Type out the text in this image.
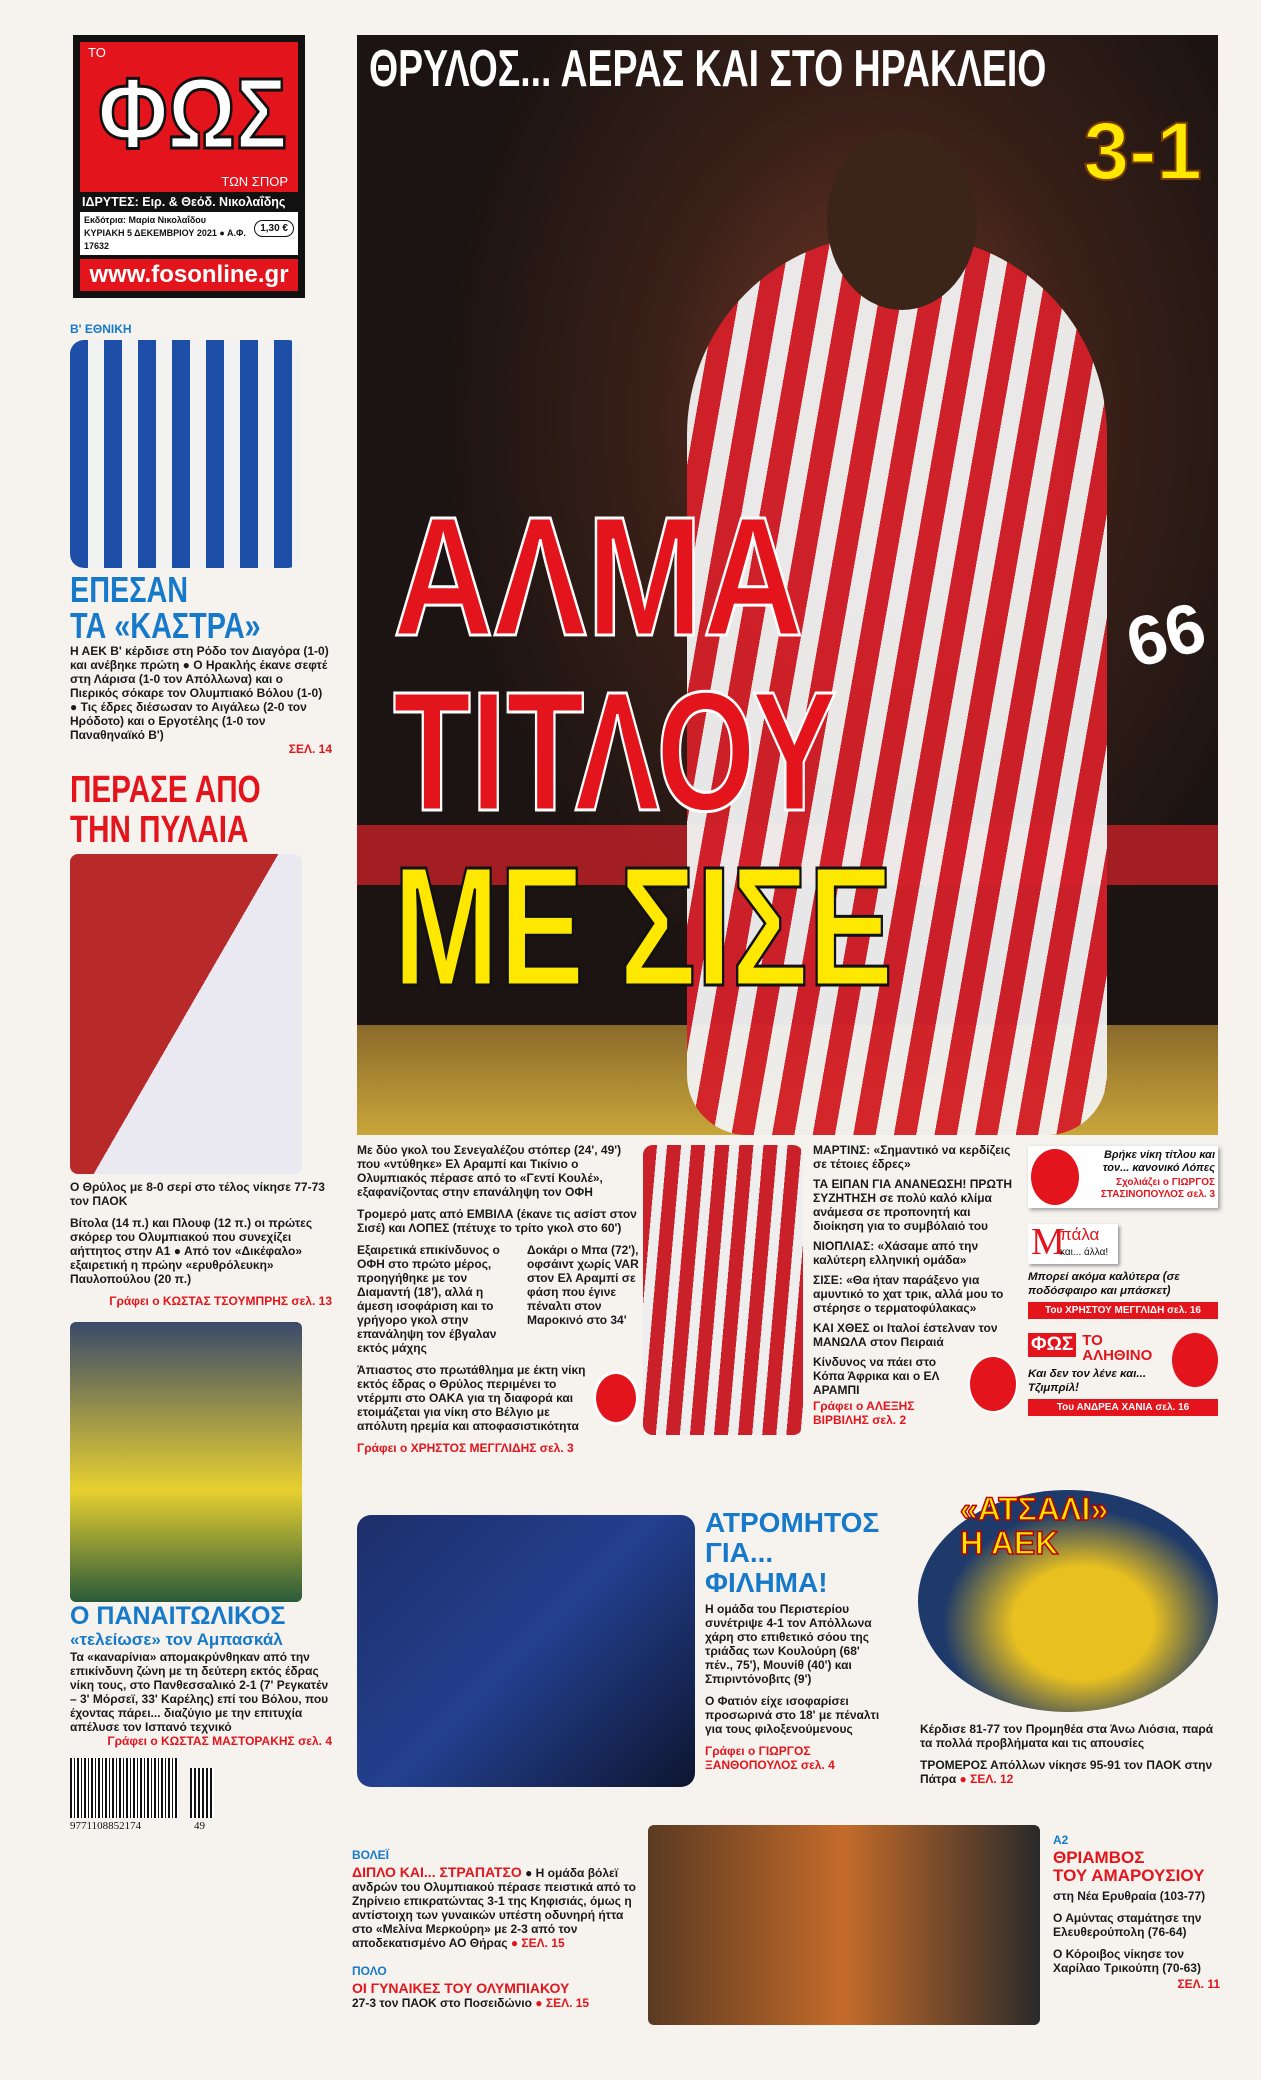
ΤΟ
ΦΩΣ
ΤΩΝ ΣΠΟΡ
ΙΔΡΥΤΕΣ: Ειρ. & Θεόδ. Νικολαΐδης
Εκδότρια: Μαρία Νικολαΐδου
ΚΥΡΙΑΚΗ 5 ΔΕΚΕΜΒΡΙΟΥ 2021 ● Α.Φ. 17632
1,30 €
www.fosonline.gr
66
ΘΡΥΛΟΣ... ΑΕΡΑΣ ΚΑΙ ΣΤΟ ΗΡΑΚΛΕΙΟ
3-1
ΑΛΜΑ
ΤΙΤΛΟΥ
ΜΕ ΣΙΣΕ
Β' ΕΘΝΙΚΗ
ΕΠΕΣΑΝ
ΤΑ «ΚΑΣΤΡΑ»
Η ΑΕΚ Β' κέρδισε στη Ρόδο τον Διαγόρα (1-0) και ανέβηκε πρώτη ● Ο Ηρακλής έκανε σεφτέ στη Λάρισα (1-0 τον Απόλλωνα) και ο Πιερικός σόκαρε τον Ολυμπιακό Βόλου (1-0) ● Τις έδρες διέσωσαν το Αιγάλεω (2-0 τον Ηρόδοτο) και ο Εργοτέλης (1-0 τον Παναθηναϊκό Β')
ΣΕΛ. 14
ΠΕΡΑΣΕ ΑΠΟ
ΤΗΝ ΠΥΛΑΙΑ

Ο Θρύλος με 8-0 σερί στο τέλος νίκησε 77-73 τον ΠΑΟΚ

Βίτολα (14 π.) και Πλουφ (12 π.) οι πρώτες σκόρερ του Ολυμπιακού που συνεχίζει αήττητος στην Α1 ● Από τον «Δικέφαλο» εξαιρετική η πρώην «ερυθρόλευκη» Παυλοπούλου (20 π.)

Γράφει ο ΚΩΣΤΑΣ ΤΣΟΥΜΠΡΗΣ σελ. 13
Ο ΠΑΝΑΙΤΩΛΙΚΟΣ
«τελείωσε» τον Αμπασκάλ
Τα «καναρίνια» απομακρύνθηκαν από την επικίνδυνη ζώνη με τη δεύτερη εκτός έδρας νίκη τους, στο Πανθεσσαλικό 2-1 (7' Ρεγκατέν – 3' Μόρσεϊ, 33' Καρέλης) επί του Βόλου, που έχοντας πάρει... διαζύγιο με την επιτυχία απέλυσε τον Ισπανό τεχνικό
Γράφει ο ΚΩΣΤΑΣ ΜΑΣΤΟΡΑΚΗΣ σελ. 4
9771108852174	49

Με δύο γκολ του Σενεγαλέζου στόπερ (24', 49') που «ντύθηκε» Ελ Αραμπί και Τικίνιο ο Ολυμπιακός πέρασε από το «Γεντί Κουλέ», εξαφανίζοντας στην επανάληψη τον ΟΦΗ

Τρομερό ματς από ΕΜΒΙΛΑ (έκανε τις ασίστ στον Σισέ) και ΛΟΠΕΣ (πέτυχε το τρίτο γκολ στο 60')

Εξαιρετικά επικίνδυνος ο ΟΦΗ στο πρώτο μέρος, προηγήθηκε με τον Διαμαντή (18'), αλλά η άμεση ισοφάριση και το γρήγορο γκολ στην επανάληψη τον έβγαλαν εκτός μάχης
Δοκάρι ο Μπα (72'), οφσάιντ χωρίς VAR στον Ελ Αραμπί σε φάση που έγινε πέναλτι στον Μαροκινό στο 34'

Άπιαστος στο πρωτάθλημα με έκτη νίκη εκτός έδρας ο Θρύλος περιμένει το ντέρμπι στο ΟΑΚΑ για τη διαφορά και ετοιμάζεται για νίκη στο Βέλγιο με απόλυτη ηρεμία και αποφασιστικότητα

Γράφει ο ΧΡΗΣΤΟΣ ΜΕΓΓΛΙΔΗΣ σελ. 3

ΜΑΡΤΙΝΣ: «Σημαντικό να κερδίζεις σε τέτοιες έδρες»

ΤΑ ΕΙΠΑΝ ΓΙΑ ΑΝΑΝΕΩΣΗ! ΠΡΩΤΗ ΣΥΖΗΤΗΣΗ σε πολύ καλό κλίμα ανάμεσα σε προπονητή και διοίκηση για το συμβόλαιό του

ΝΙΟΠΛΙΑΣ: «Χάσαμε από την καλύτερη ελληνική ομάδα»

ΣΙΣΕ: «Θα ήταν παράξενο για αμυντικό το χατ τρικ, αλλά μου το στέρησε ο τερματοφύλακας»

ΚΑΙ ΧΘΕΣ οι Ιταλοί έστελναν τον ΜΑΝΩΛΑ στον Πειραιά

Κίνδυνος να πάει στο Κόπα Άφρικα και ο ΕΛ ΑΡΑΜΠΙ

Γράφει ο ΑΛΕΞΗΣ
ΒΙΡΒΙΛΗΣ σελ. 2
Βρήκε νίκη τίτλου και τον... κανονικό Λόπες
Σχολιάζει ο ΓΙΩΡΓΟΣ ΣΤΑΣΙΝΟΠΟΥΛΟΣ σελ. 3
Μ
πάλα
και... άλλα!
Μπορεί ακόμα καλύτερα (σε ποδόσφαιρο και μπάσκετ)
Του ΧΡΗΣΤΟΥ ΜΕΓΓΛΙΔΗ σελ. 16
ΦΩΣ ΤΟ
ΑΛΗΘΙΝΟ
Και δεν τον λένε και... Τζιμπρίλ!
Του ΑΝΔΡΕΑ ΧΑΝΙΑ σελ. 16
ΑΤΡΟΜΗΤΟΣ
ΓΙΑ...
ΦΙΛΗΜΑ!

Η ομάδα του Περιστερίου συνέτριψε 4-1 τον Απόλλωνα χάρη στο επιθετικό σόου της τριάδας των Κουλούρη (68' πέν., 75'), Μουνίθ (40') και Σπιριντόνοβιτς (9')

Ο Φατιόν είχε ισοφαρίσει προσωρινά στο 18' με πέναλτι για τους φιλοξενούμενους

Γράφει ο ΓΙΩΡΓΟΣ ΞΑΝΘΟΠΟΥΛΟΣ σελ. 4
«ΑΤΣΑΛΙ»
Η ΑΕΚ

Κέρδισε 81-77 τον Προμηθέα στα Άνω Λιόσια, παρά τα πολλά προβλήματα και τις απουσίες

ΤΡΟΜΕΡΟΣ Απόλλων νίκησε 95-91 τον ΠΑΟΚ στην Πάτρα ● ΣΕΛ. 12

ΒΟΛΕΪ
ΔΙΠΛΟ ΚΑΙ... ΣΤΡΑΠΑΤΣΟ ● Η ομάδα βόλεϊ ανδρών του Ολυμπιακού πέρασε πειστικά από το Ζηρίνειο επικρατώντας 3-1 της Κηφισιάς, όμως η αντίστοιχη των γυναικών υπέστη οδυνηρή ήττα στο «Μελίνα Μερκούρη» με 2-3 από τον αποδεκατισμένο ΑΟ Θήρας ● ΣΕΛ. 15
ΠΟΛΟ
ΟΙ ΓΥΝΑΙΚΕΣ ΤΟΥ ΟΛΥΜΠΙΑΚΟΥ
27-3 τον ΠΑΟΚ στο Ποσειδώνιο ● ΣΕΛ. 15
Α2
ΘΡΙΑΜΒΟΣ
ΤΟΥ ΑΜΑΡΟΥΣΙΟΥ

στη Νέα Ερυθραία (103-77)

Ο Αμύντας σταμάτησε την Ελευθερούπολη (76-64)

Ο Κόροιβος νίκησε τον Χαρίλαο Τρικούπη (70-63)

ΣΕΛ. 11
